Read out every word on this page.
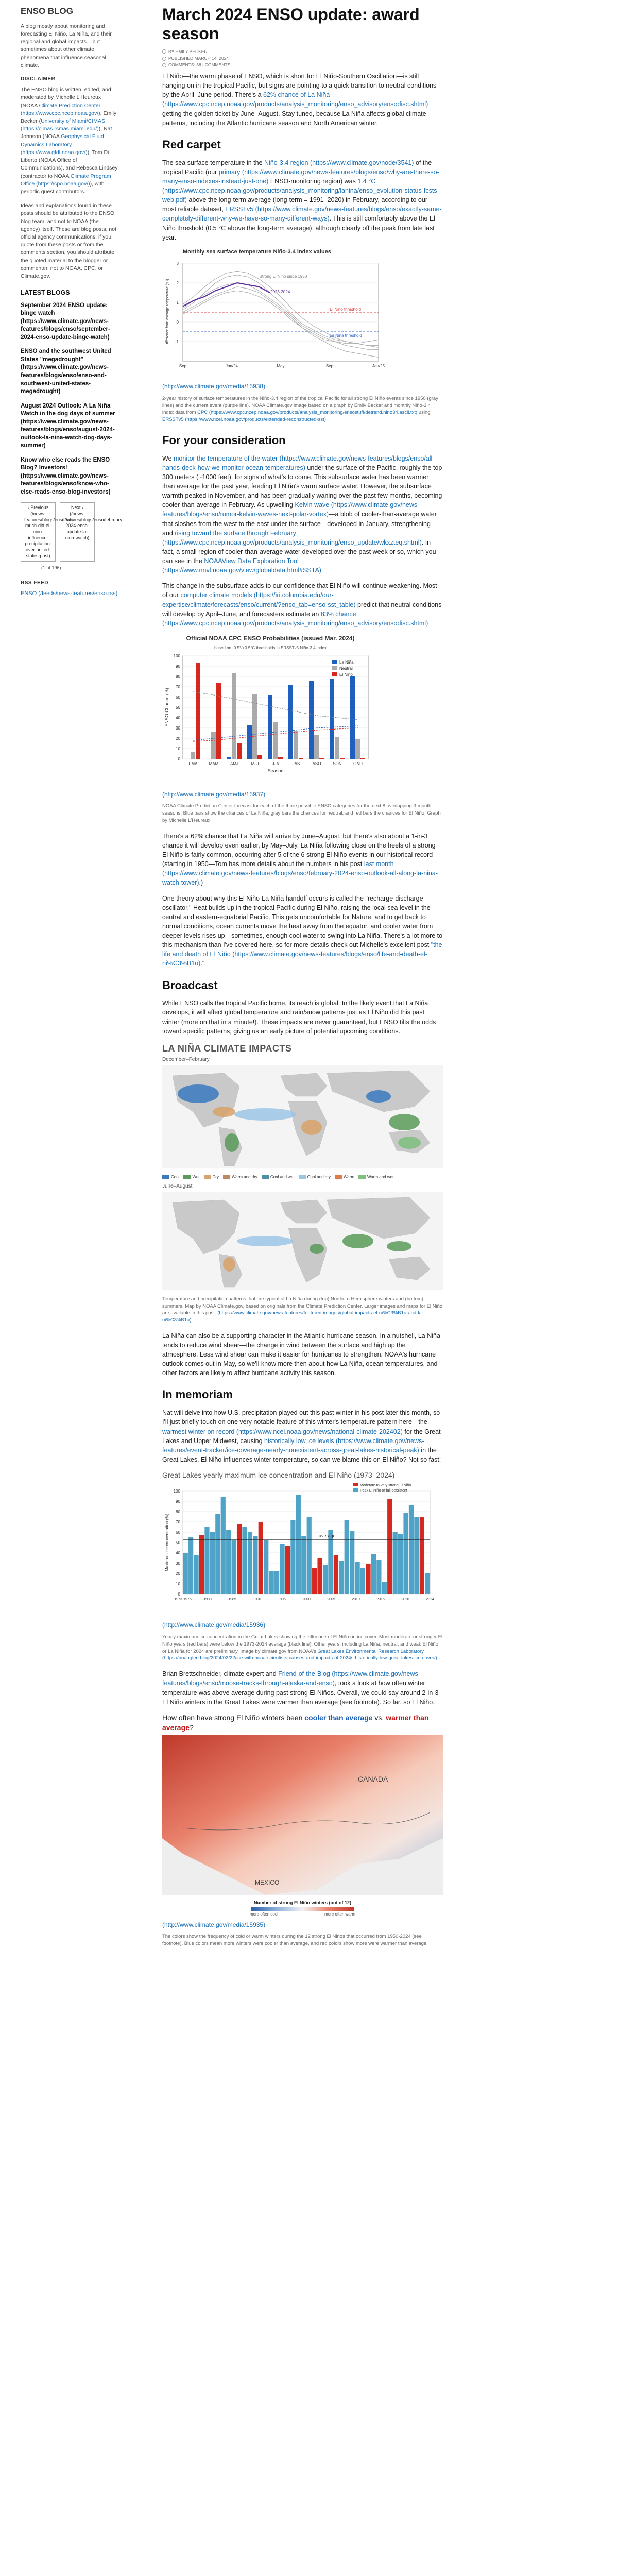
ENSO BLOG

A blog mostly about monitoring and forecasting El Niño, La Niña, and their regional and global impacts... but sometimes about other climate phenomena that influence seasonal climate.

DISCLAIMER

The ENSO blog is written, edited, and moderated by Michelle L'Heureux (NOAA Climate Prediction Center (https://www.cpc.ncep.noaa.gov/), Emily Becker (University of Miami/CIMAS (https://cimas.rsmas.miami.edu/)), Nat Johnson (NOAA Geophysical Fluid Dynamics Laboratory (https://www.gfdl.noaa.gov/)), Tom Di Liberto (NOAA Office of Communications), and Rebecca Lindsey (contractor to NOAA Climate Program Office (https://cpo.noaa.gov/)), with periodic guest contributors.

Ideas and explanations found in these posts should be attributed to the ENSO blog team, and not to NOAA (the agency) itself. These are blog posts, not official agency communications; if you quote from these posts or from the comments section, you should attribute the quoted material to the blogger or commenter, not to NOAA, CPC, or Climate.gov.

LATEST BLOGS
September 2024 ENSO update: binge watch (https://www.climate.gov/news-features/blogs/enso/september-2024-enso-update-binge-watch)
ENSO and the southwest United States "megadrought" (https://www.climate.gov/news-features/blogs/enso/enso-and-southwest-united-states-megadrought)
August 2024 Outlook: A La Niña Watch in the dog days of summer (https://www.climate.gov/news-features/blogs/enso/august-2024-outlook-la-nina-watch-dog-days-summer)
Know who else reads the ENSO Blog? Investors! (https://www.climate.gov/news-features/blogs/enso/know-who-else-reads-enso-blog-investors)
‹ Previous
(/news-features/blogs/enso/how-much-did-el-nino-influence-precipitation-over-united-states-past)
Next ›
(/news-features/blogs/enso/february-2024-enso-update-la-nina-watch)
(1 of 196)
RSS FEED
ENSO (/feeds/news-features/enso.rss)
March 2024 ENSO update: award season
BY EMILY BECKER
PUBLISHED MARCH 14, 2024
COMMENTS: 36 | COMMENTS

El Niño—the warm phase of ENSO, which is short for El Niño-Southern Oscillation—is still hanging on in the tropical Pacific, but signs are pointing to a quick transition to neutral conditions by the April–June period. There's a 62% chance of La Niña (https://www.cpc.ncep.noaa.gov/products/analysis_monitoring/enso_advisory/ensodisc.shtml) getting the golden ticket by June–August. Stay tuned, because La Niña affects global climate patterns, including the Atlantic hurricane season and North American winter.

Red carpet

The sea surface temperature in the Niño-3.4 region (https://www.climate.gov/node/3541) of the tropical Pacific (our primary (https://www.climate.gov/news-features/blogs/enso/why-are-there-so-many-enso-indexes-instead-just-one) ENSO-monitoring region) was 1.4 °C (https://www.cpc.ncep.noaa.gov/products/analysis_monitoring/lanina/enso_evolution-status-fcsts-web.pdf) above the long-term average (long-term = 1991–2020) in February, according to our most reliable dataset, ERSSTv5 (https://www.climate.gov/news-features/blogs/enso/exactly-same-completely-different-why-we-have-so-many-different-ways). This is still comfortably above the El Niño threshold (0.5 °C above the long-term average), although clearly off the peak from late last year.

Monthly sea surface temperature Niño-3.4 index values
-1
0
1
2
3
Sep	Jan/24	May	Sep	Jan/25
strong El Niño since 1950
2023-2024
El Niño threshold
La Niña threshold
Difference from average temperature (°C)
(http://www.climate.gov/media/15938)
2-year history of surface temperatures in the Niño-3.4 region of the tropical Pacific for all strong El Niño events since 1950 (gray lines) and the current event (purple line). NOAA Climate.gov image based on a graph by Emily Becker and monthly Niño-3.4 index data from CPC (https://www.cpc.ncep.noaa.gov/products/analysis_monitoring/ensostuff/detrend.nino34.ascii.txt) using ERSSTv5 (https://www.ncei.noaa.gov/products/extended-reconstructed-sst)
For your consideration

We monitor the temperature of the water (https://www.climate.gov/news-features/blogs/enso/all-hands-deck-how-we-monitor-ocean-temperatures) under the surface of the Pacific, roughly the top 300 meters (~1000 feet), for signs of what's to come. This subsurface water has been warmer than average for the past year, feeding El Niño's warm surface water. However, the subsurface warmth peaked in November, and has been gradually waning over the past few months, becoming cooler-than-average in February. As upwelling Kelvin wave (https://www.climate.gov/news-features/blogs/enso/rumor-kelvin-waves-next-polar-vortex)—a blob of cooler-than-average water that sloshes from the west to the east under the surface—developed in January, strengthening and rising toward the surface through February (https://www.cpc.ncep.noaa.gov/products/analysis_monitoring/enso_update/wkxzteq.shtml). In fact, a small region of cooler-than-average water developed over the past week or so, which you can see in the NOAAView Data Exploration Tool (https://www.nnvl.noaa.gov/view/globaldata.html#SSTA)

This change in the subsurface adds to our confidence that El Niño will continue weakening. Most of our computer climate models (https://iri.columbia.edu/our-expertise/climate/forecasts/enso/current/?enso_tab=enso-sst_table) predict that neutral conditions will develop by April–June, and forecasters estimate an 83% chance (https://www.cpc.ncep.noaa.gov/products/analysis_monitoring/enso_advisory/ensodisc.shtml)

Official NOAA CPC ENSO Probabilities (issued Mar. 2024)
based on -0.5°/+0.5°C thresholds in ERSSTv5 Niño-3.4 index
0
10
20
30
40
50
60
70
80
90
100
FMA	MAM	AMJ	MJJ	JJA	JAS	ASO	SON	OND
La Niña
Neutral
El Niño
Season
ENSO Chance (%)
(http://www.climate.gov/media/15937)
NOAA Climate Prediction Center forecast for each of the three possible ENSO categories for the next 8 overlapping 3-month seasons. Blue bars show the chances of La Niña, gray bars the chances for neutral, and red bars the chances for El Niño. Graph by Michelle L'Heureux.

There's a 62% chance that La Niña will arrive by June–August, but there's also about a 1-in-3 chance it will develop even earlier, by May–July. La Niña following close on the heels of a strong El Niño is fairly common, occurring after 5 of the 6 strong El Niño events in our historical record (starting in 1950—Tom has more details about the numbers in his post last month (https://www.climate.gov/news-features/blogs/enso/february-2024-enso-outlook-all-along-la-nina-watch-tower).)

One theory about why this El Niño-La Niña handoff occurs is called the "recharge-discharge oscillator." Heat builds up in the tropical Pacific during El Niño, raising the local sea level in the central and eastern-equatorial Pacific. This gets uncomfortable for Nature, and to get back to normal conditions, ocean currents move the heat away from the equator, and cooler water from deeper levels rises up—sometimes, enough cool water to swing into La Niña. There's a lot more to this mechanism than I've covered here, so for more details check out Michelle's excellent post "the life and death of El Niño (https://www.climate.gov/news-features/blogs/enso/life-and-death-el-ni%C3%B1o)."

Broadcast

While ENSO calls the tropical Pacific home, its reach is global. In the likely event that La Niña develops, it will affect global temperature and rain/snow patterns just as El Niño did this past winter (more on that in a minute!). These impacts are never guaranteed, but ENSO tilts the odds toward specific patterns, giving us an early picture of potential upcoming conditions.

LA NIÑA CLIMATE IMPACTS
December–February
Cool	Wet	Dry	Warm and dry	Cool and wet	Cool and dry	Warm	Warm and wet
June–August
Temperature and precipitation patterns that are typical of La Niña during (top) Northern Hemisphere winters and (bottom) summers. Map by NOAA Climate.gov, based on originals from the Climate Prediction Center. Larger images and maps for El Niño are available in this post: (https://www.climate.gov/news-features/featured-images/global-impacts-el-ni%C3%B1o-and-la-ni%C3%B1a)

La Niña can also be a supporting character in the Atlantic hurricane season. In a nutshell, La Niña tends to reduce wind shear—the change in wind between the surface and high up the atmosphere. Less wind shear can make it easier for hurricanes to strengthen. NOAA's hurricane outlook comes out in May, so we'll know more then about how La Niña, ocean temperatures, and other factors are likely to affect hurricane activity this season.

In memoriam

Nat will delve into how U.S. precipitation played out this past winter in his post later this month, so I'll just briefly touch on one very notable feature of this winter's temperature pattern here—the warmest winter on record (https://www.ncei.noaa.gov/news/national-climate-202402) for the Great Lakes and Upper Midwest, causing historically low ice levels (https://www.climate.gov/news-features/event-tracker/ice-coverage-nearly-nonexistent-across-great-lakes-historical-peak) in the Great Lakes. El Niño influences winter temperature, so can we blame this on El Niño? Not so fast!

Great Lakes yearly maximum ice concentration and El Niño (1973–2024)
0
10
20
30
40
50
60
70
80
90
100
average
1973-1975	1980	1985	1990	1995	2000	2005	2010	2015	2020	2024
Moderate-to-very strong El Niño
Peak El Niño or full persistent
Maximum ice concentration (%)
(http://www.climate.gov/media/15936)
Yearly maximum ice concentration in the Great Lakes showing the influence of El Niño on ice cover. Most moderate or stronger El Niño years (red bars) were below the 1973-2024 average (black line). Other years, including La Niña, neutral, and weak El Niño or La Niña for 2024 are preliminary. Image by climate.gov from NOAA's Great Lakes Environmental Research Laboratory (https://noaaglerl.blog/2024/02/22/ice-with-noaa-scientists-causes-and-impacts-of-2024s-historically-low-great-lakes-ice-cover/)

Brian Brettschneider, climate expert and Friend-of-the-Blog (https://www.climate.gov/news-features/blogs/enso/moose-tracks-through-alaska-and-enso), took a look at how often winter temperature was above average during past strong El Niños. Overall, we could say around 2-in-3 El Niño winters in the Great Lakes were warmer than average (see footnote). So far, so El Niño.

How often have strong El Niño winters been cooler than average vs. warmer than average?
CANADA
MEXICO
Number of strong El Niño winters (out of 12)
more often cool	more often warm
(http://www.climate.gov/media/15935)
The colors show the frequency of cold or warm winters during the 12 strong El Niños that occurred from 1950-2024 (see footnote). Blue colors mean more winters were cooler than average, and red colors show more were warmer than average.
